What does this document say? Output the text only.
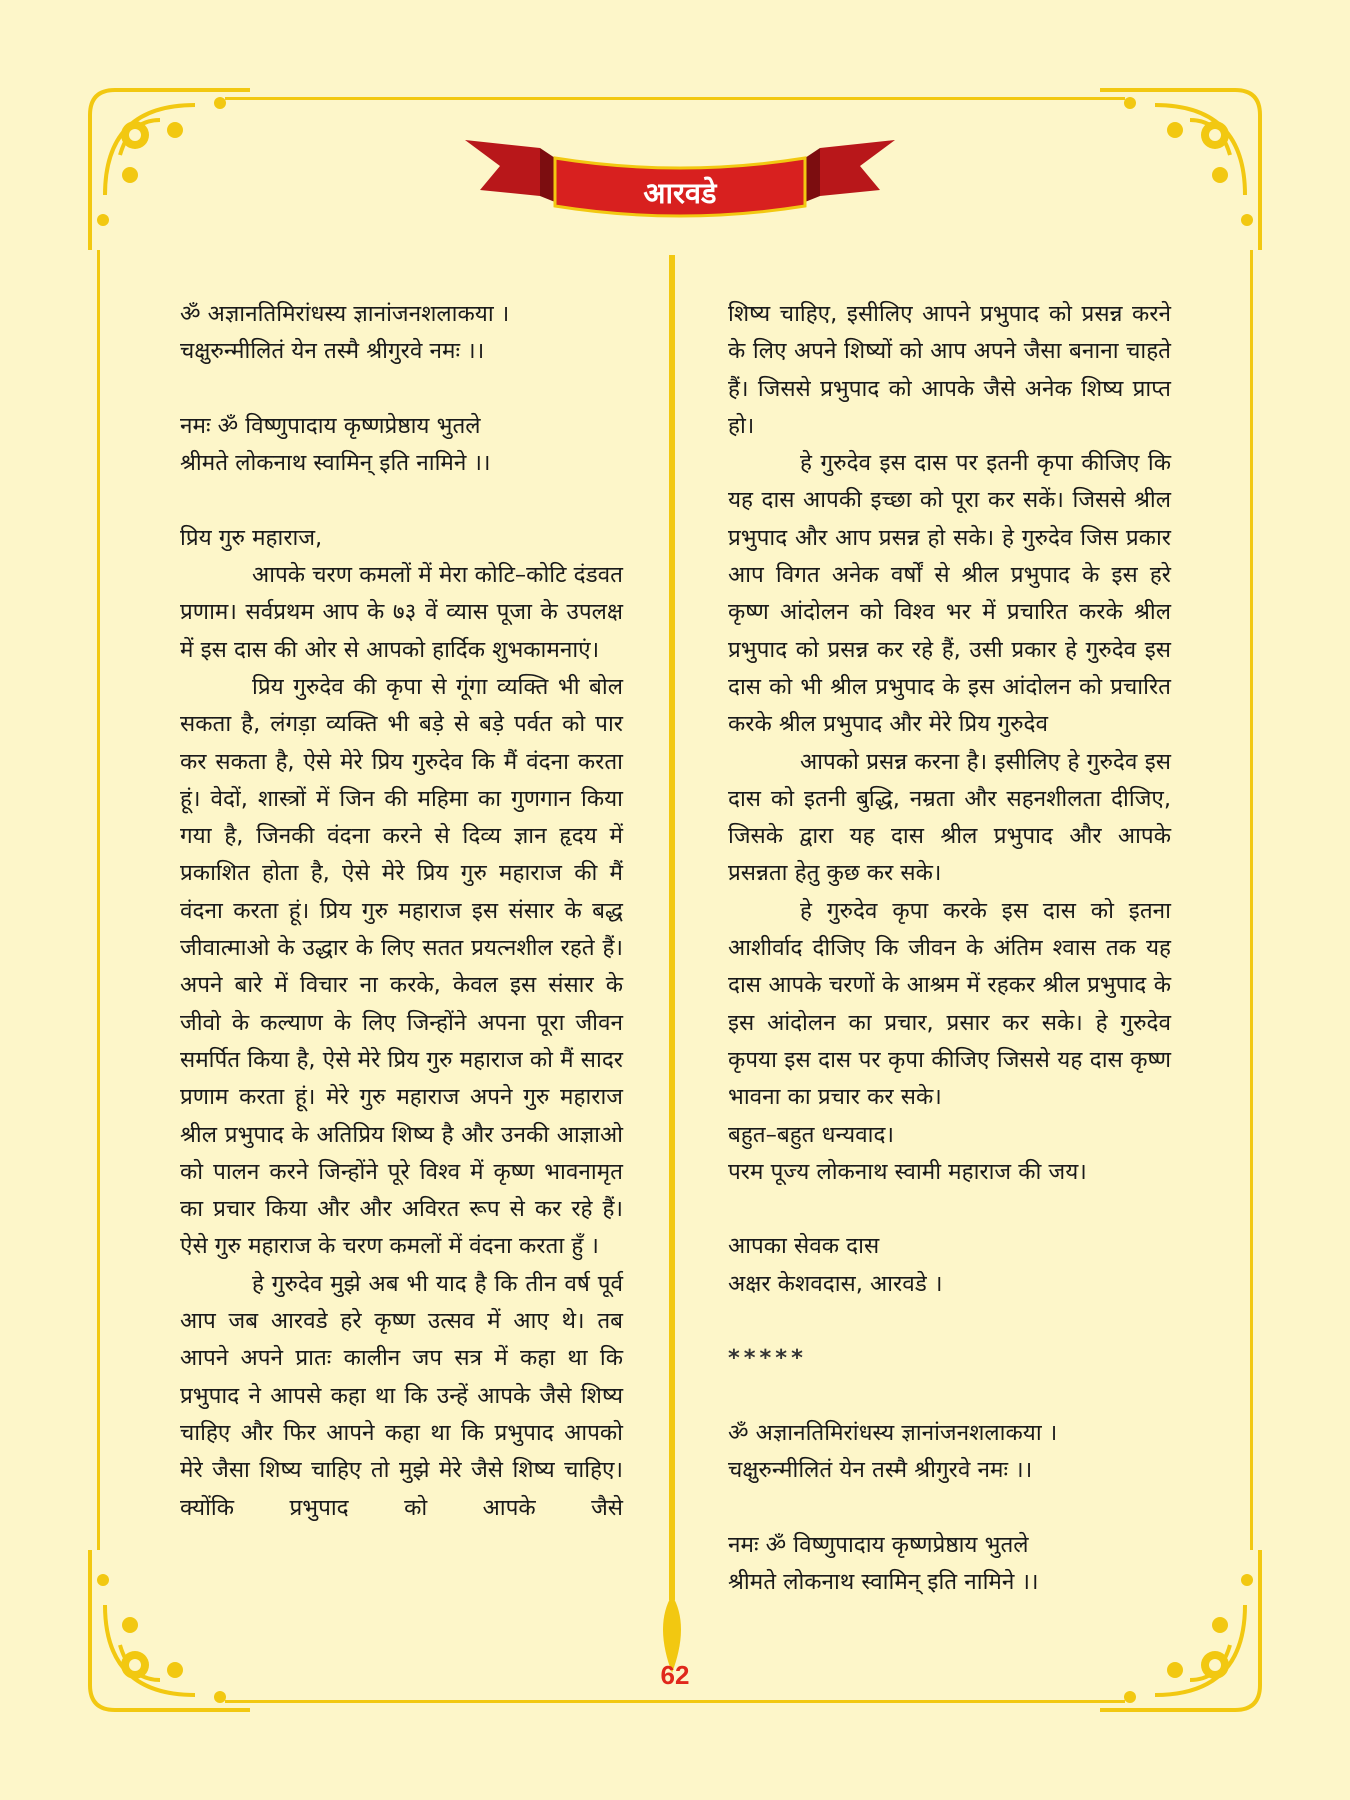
आरवडे

ॐ अज्ञानतिमिरांधस्य ज्ञानांजनशलाकया ।

चक्षुरुन्मीलितं येन तस्मै श्रीगुरवे नमः ।।

नमः ॐ विष्णुपादाय कृष्णप्रेष्ठाय भुतले

श्रीमते लोकनाथ स्वामिन् इति नामिने ।।

प्रिय गुरु महाराज,

आपके चरण कमलों में मेरा कोटि–कोटि दंडवत प्रणाम। सर्वप्रथम आप के ७३ वें व्यास पूजा के उपलक्ष में इस दास की ओर से आपको हार्दिक शुभकामनाएं।

प्रिय गुरुदेव की कृपा से गूंगा व्यक्ति भी बोल सकता है, लंगड़ा व्यक्ति भी बड़े से बड़े पर्वत को पार कर सकता है, ऐसे मेरे प्रिय गुरुदेव कि मैं वंदना करता हूं। वेदों, शास्त्रों में जिन की महिमा का गुणगान किया गया है, जिनकी वंदना करने से दिव्य ज्ञान हृदय में प्रकाशित होता है, ऐसे मेरे प्रिय गुरु महाराज की मैं वंदना करता हूं। प्रिय गुरु महाराज इस संसार के बद्ध जीवात्माओ के उद्धार के लिए सतत प्रयत्नशील रहते हैं। अपने बारे में विचार ना करके, केवल इस संसार के जीवो के कल्याण के लिए जिन्होंने अपना पूरा जीवन समर्पित किया है, ऐसे मेरे प्रिय गुरु महाराज को मैं सादर प्रणाम करता हूं। मेरे गुरु महाराज अपने गुरु महाराज श्रील प्रभुपाद के अतिप्रिय शिष्य है और उनकी आज्ञाओ को पालन करने जिन्होंने पूरे विश्व में कृष्ण भावनामृत का प्रचार किया और और अविरत रूप से कर रहे हैं। ऐसे गुरु महाराज के चरण कमलों में वंदना करता हुँ ।

हे गुरुदेव मुझे अब भी याद है कि तीन वर्ष पूर्व आप जब आरवडे हरे कृष्ण उत्सव में आए थे। तब आपने अपने प्रातः कालीन जप सत्र में कहा था कि प्रभुपाद ने आपसे कहा था कि उन्हें आपके जैसे शिष्य चाहिए और फिर आपने कहा था कि प्रभुपाद आपको मेरे जैसा शिष्य चाहिए तो मुझे मेरे जैसे शिष्य चाहिए। क्योंकि प्रभुपाद को आपके जैसे

शिष्य चाहिए, इसीलिए आपने प्रभुपाद को प्रसन्न करने के लिए अपने शिष्यों को आप अपने जैसा बनाना चाहते हैं। जिससे प्रभुपाद को आपके जैसे अनेक शिष्य प्राप्त हो।

हे गुरुदेव इस दास पर इतनी कृपा कीजिए कि यह दास आपकी इच्छा को पूरा कर सकें। जिससे श्रील प्रभुपाद और आप प्रसन्न हो सके। हे गुरुदेव जिस प्रकार आप विगत अनेक वर्षों से श्रील प्रभुपाद के इस हरे कृष्ण आंदोलन को विश्व भर में प्रचारित करके श्रील प्रभुपाद को प्रसन्न कर रहे हैं, उसी प्रकार हे गुरुदेव इस दास को भी श्रील प्रभुपाद के इस आंदोलन को प्रचारित करके श्रील प्रभुपाद और मेरे प्रिय गुरुदेव

आपको प्रसन्न करना है। इसीलिए हे गुरुदेव इस दास को इतनी बुद्धि, नम्रता और सहनशीलता दीजिए, जिसके द्वारा यह दास श्रील प्रभुपाद और आपके प्रसन्नता हेतु कुछ कर सके।

हे गुरुदेव कृपा करके इस दास को इतना आशीर्वाद दीजिए कि जीवन के अंतिम श्वास तक यह दास आपके चरणों के आश्रम में रहकर श्रील प्रभुपाद के इस आंदोलन का प्रचार, प्रसार कर सके। हे गुरुदेव कृपया इस दास पर कृपा कीजिए जिससे यह दास कृष्ण भावना का प्रचार कर सके।

बहुत–बहुत धन्यवाद।

परम पूज्य लोकनाथ स्वामी महाराज की जय।

आपका सेवक दास

अक्षर केशवदास, आरवडे ।

*****

ॐ अज्ञानतिमिरांधस्य ज्ञानांजनशलाकया ।

चक्षुरुन्मीलितं येन तस्मै श्रीगुरवे नमः ।।

नमः ॐ विष्णुपादाय कृष्णप्रेष्ठाय भुतले

श्रीमते लोकनाथ स्वामिन् इति नामिने ।।

62
